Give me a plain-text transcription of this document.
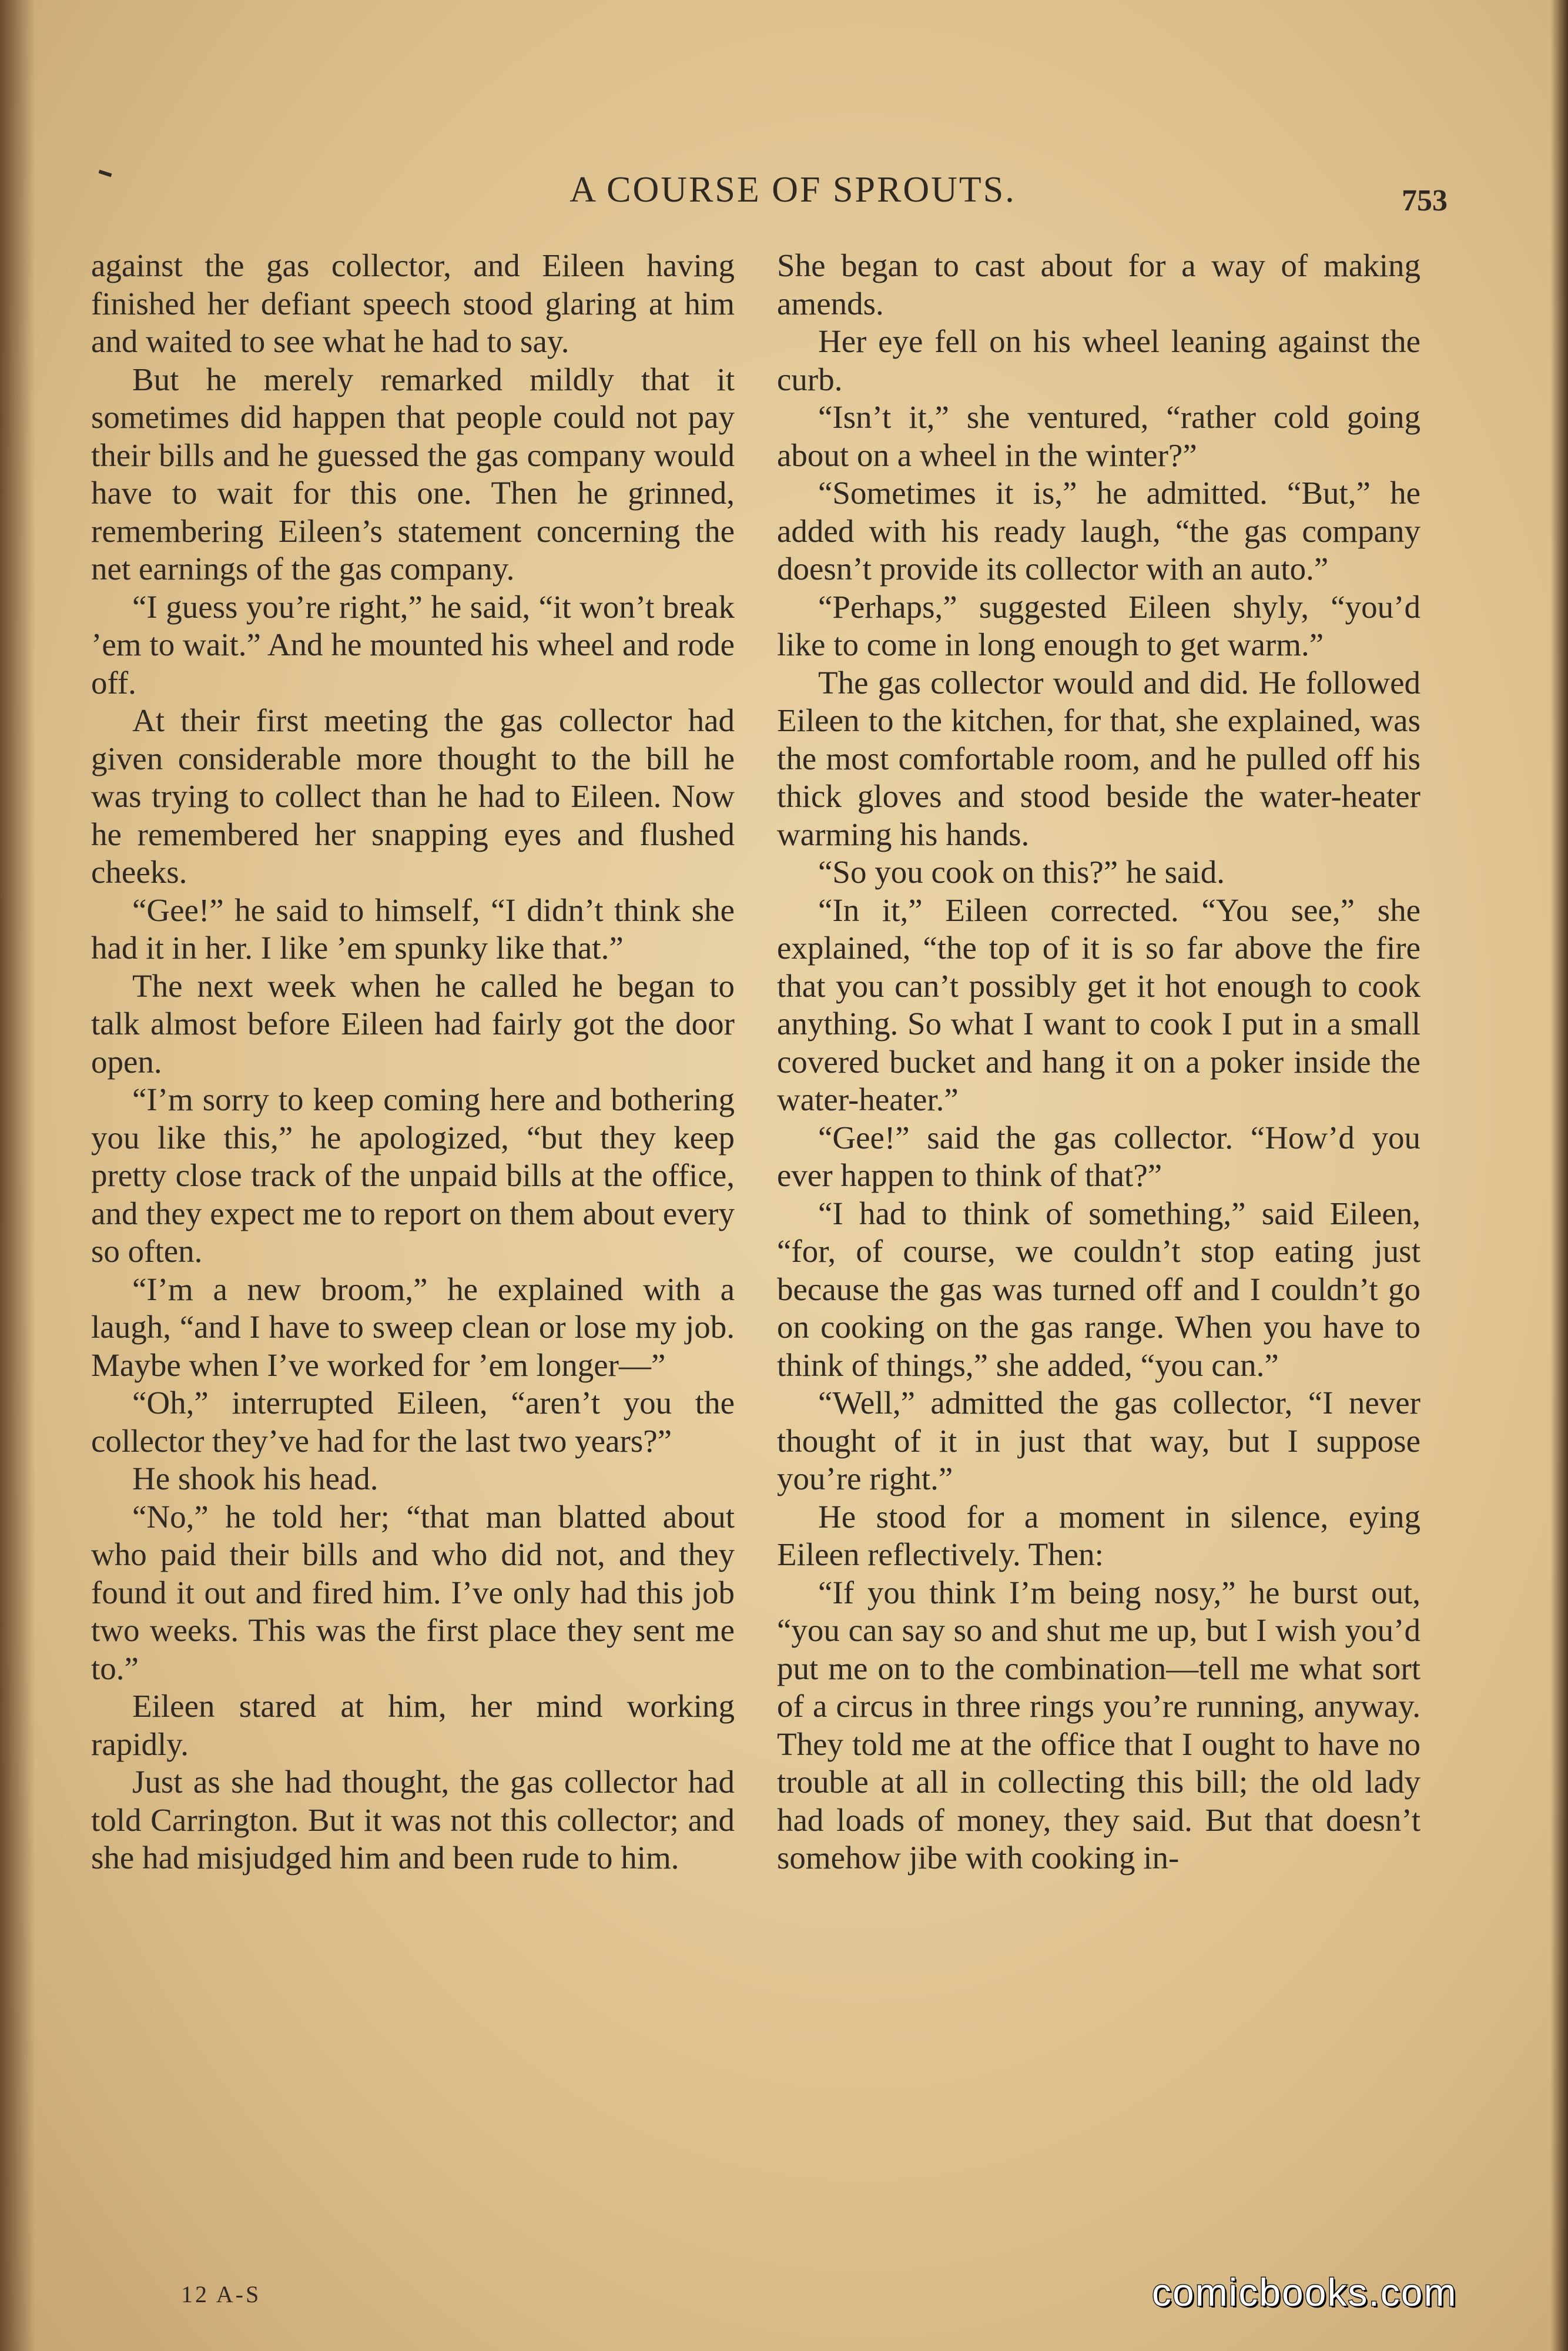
A COURSE OF SPROUTS.	753

against the gas collector, and Eileen having finished her defiant speech stood glaring at him and waited to see what he had to say.

But he merely remarked mildly that it sometimes did happen that people could not pay their bills and he guessed the gas company would have to wait for this one. Then he grinned, remembering Eileen’s statement concerning the net earnings of the gas company.

“I guess you’re right,” he said, “it won’t break ’em to wait.” And he mounted his wheel and rode off.

At their first meeting the gas collector had given considerable more thought to the bill he was trying to collect than he had to Eileen. Now he remembered her snapping eyes and flushed cheeks.

“Gee!” he said to himself, “I didn’t think she had it in her. I like ’em spunky like that.”

The next week when he called he began to talk almost before Eileen had fairly got the door open.

“I’m sorry to keep coming here and bothering you like this,” he apologized, “but they keep pretty close track of the unpaid bills at the office, and they expect me to report on them about every so often.

“I’m a new broom,” he explained with a laugh, “and I have to sweep clean or lose my job. Maybe when I’ve worked for ’em longer—”

“Oh,” interrupted Eileen, “aren’t you the collector they’ve had for the last two years?”

He shook his head.

“No,” he told her; “that man blatted about who paid their bills and who did not, and they found it out and fired him. I’ve only had this job two weeks. This was the first place they sent me to.”

Eileen stared at him, her mind working rapidly.

Just as she had thought, the gas collector had told Carrington. But it was not this collector; and she had misjudged him and been rude to him.

She began to cast about for a way of making amends.

Her eye fell on his wheel leaning against the curb.

“Isn’t it,” she ventured, “rather cold going about on a wheel in the winter?”

“Sometimes it is,” he admitted. “But,” he added with his ready laugh, “the gas company doesn’t provide its collector with an auto.”

“Perhaps,” suggested Eileen shyly, “you’d like to come in long enough to get warm.”

The gas collector would and did. He followed Eileen to the kitchen, for that, she explained, was the most comfortable room, and he pulled off his thick gloves and stood beside the water-heater warming his hands.

“So you cook on this?” he said.

“In it,” Eileen corrected. “You see,” she explained, “the top of it is so far above the fire that you can’t possibly get it hot enough to cook anything. So what I want to cook I put in a small covered bucket and hang it on a poker inside the water-heater.”

“Gee!” said the gas collector. “How’d you ever happen to think of that?”

“I had to think of something,” said Eileen, “for, of course, we couldn’t stop eating just because the gas was turned off and I couldn’t go on cooking on the gas range. When you have to think of things,” she added, “you can.”

“Well,” admitted the gas collector, “I never thought of it in just that way, but I suppose you’re right.”

He stood for a moment in silence, eying Eileen reflectively. Then:

“If you think I’m being nosy,” he burst out, “you can say so and shut me up, but I wish you’d put me on to the combination—tell me what sort of a circus in three rings you’re running, anyway. They told me at the office that I ought to have no trouble at all in collecting this bill; the old lady had loads of money, they said. But that doesn’t somehow jibe with cooking in-

12 A-S	comicbooks.com
